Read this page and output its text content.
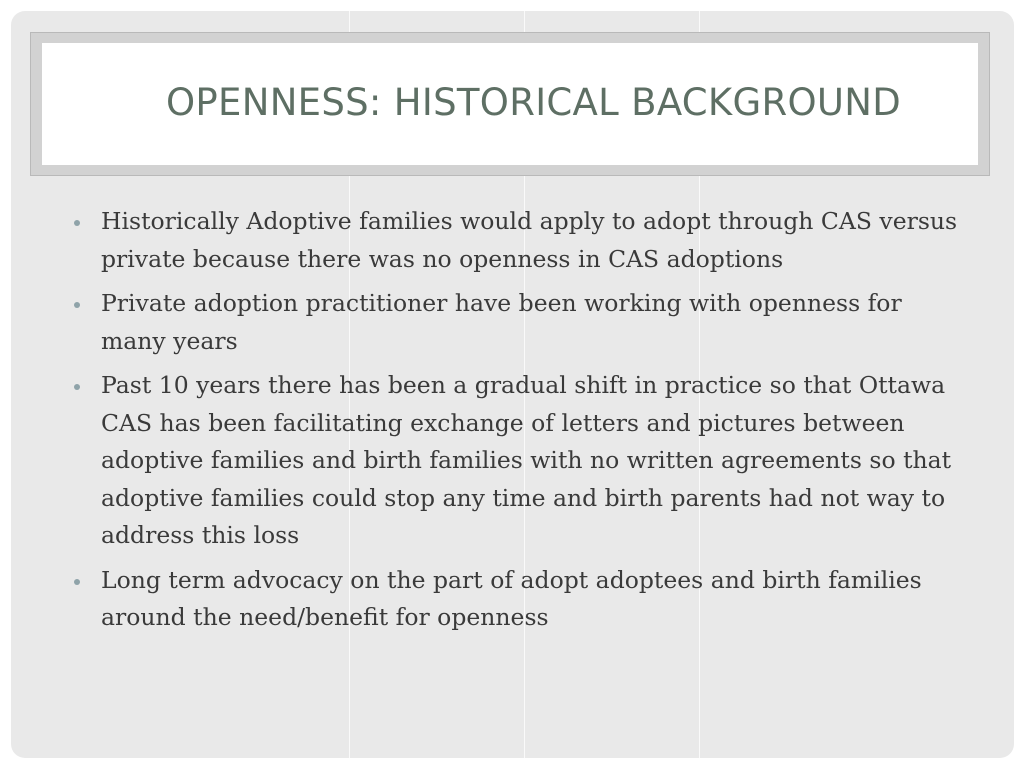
OPENNESS: HISTORICAL BACKGROUND
Historically Adoptive families would apply to adopt through CAS versus private because there was no openness in CAS adoptions
Private adoption practitioner have been working with openness for many years
Past 10 years there has been a gradual shift in practice so that Ottawa CAS has been facilitating exchange of letters and pictures between adoptive families and birth families with no written agreements so that adoptive families could stop any time and birth parents had not way to address this loss
Long term advocacy on the part of adopt adoptees and birth families around the need/benefit for openness
